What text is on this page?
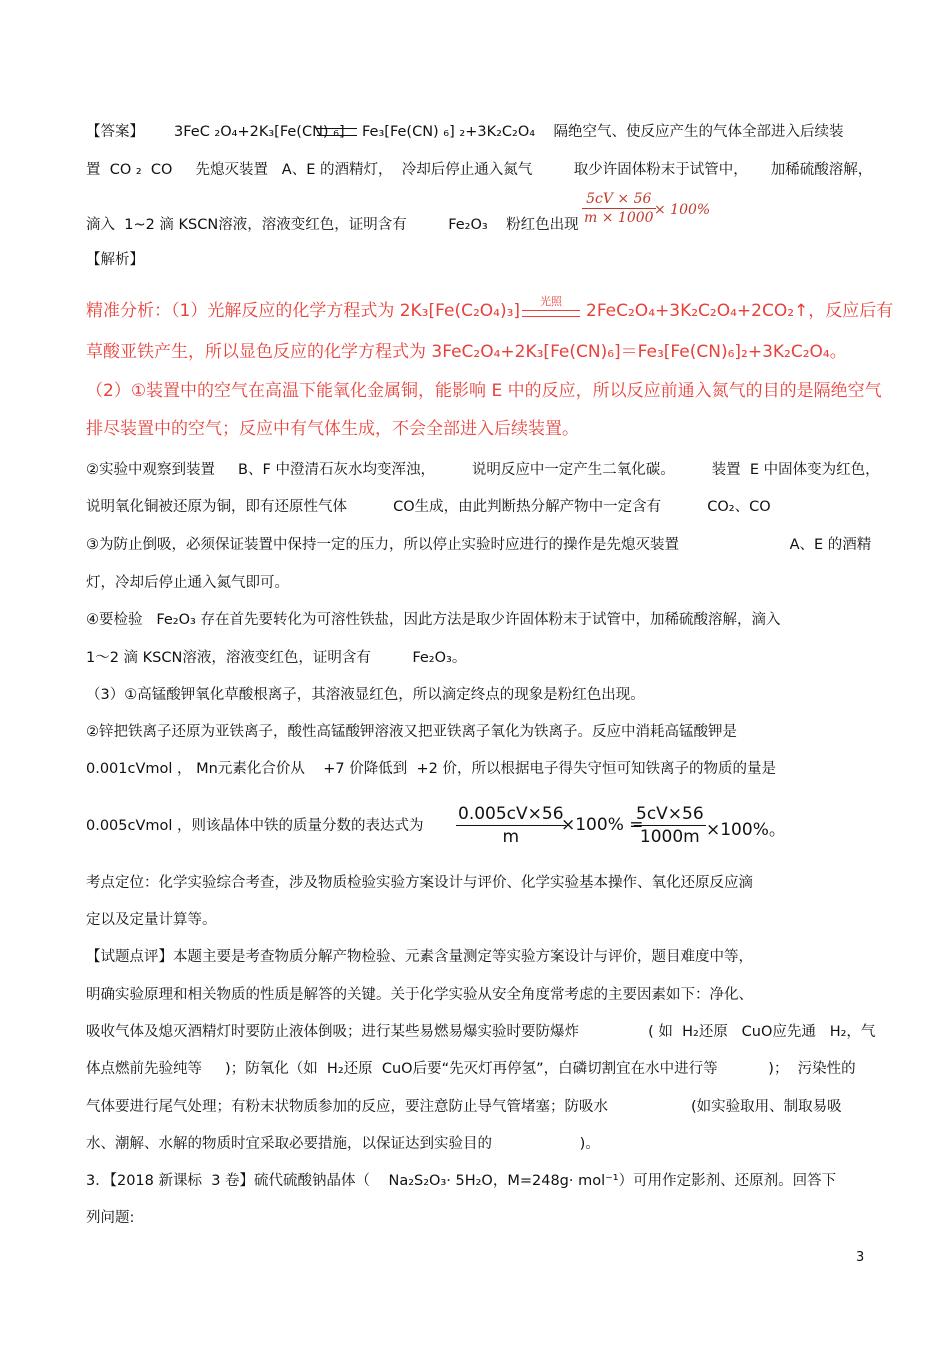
【答案】 3FeC ₂O₄+2K₃[Fe(CN) ₆] Fe₃[Fe(CN) ₆] ₂+3K₂C₂O₄    隔绝空气、使反应产生的气体全部进入后续装
置  CO ₂  CO     先熄灭装置   A、E 的酒精灯，  冷却后停止通入氮气         取少许固体粉末于试管中，     加稀硫酸溶解，
滴入  1~2 滴 KSCN溶液，溶液变红色，证明含有         Fe₂O₃    粉红色出现
5cV × 56
m × 1000 × 100%
【解析】
精准分析：（1）光解反应的化学方程式为 2K₃[Fe(C₂O₄)₃] 光照 2FeC₂O₄+3K₂C₂O₄+2CO₂↑，反应后有
草酸亚铁产生，所以显色反应的化学方程式为 3FeC₂O₄+2K₃[Fe(CN)₆]＝Fe₃[Fe(CN)₆]₂+3K₂C₂O₄。
（2）①装置中的空气在高温下能氧化金属铜，能影响 E 中的反应，所以反应前通入氮气的目的是隔绝空气
排尽装置中的空气；反应中有气体生成，不会全部进入后续装置。
②实验中观察到装置     B、F 中澄清石灰水均变浑浊，        说明反应中一定产生二氧化碳。        装置  E 中固体变为红色，
说明氧化铜被还原为铜，即有还原性气体          CO生成，由此判断热分解产物中一定含有          CO₂、CO
③为防止倒吸，必须保证装置中保持一定的压力，所以停止实验时应进行的操作是先熄灭装置                        A、E 的酒精
灯，冷却后停止通入氮气即可。
④要检验   Fe₂O₃ 存在首先要转化为可溶性铁盐，因此方法是取少许固体粉末于试管中，加稀硫酸溶解，滴入
1～2 滴 KSCN溶液，溶液变红色，证明含有         Fe₂O₃。
（3）①高锰酸钾氧化草酸根离子，其溶液显红色，所以滴定终点的现象是粉红色出现。
②锌把铁离子还原为亚铁离子，酸性高锰酸钾溶液又把亚铁离子氧化为铁离子。反应中消耗高锰酸钾是
0.001cVmol ， Mn元素化合价从    +7 价降低到  +2 价，所以根据电子得失守恒可知铁离子的物质的量是
0.005cVmol ，则该晶体中铁的质量分数的表达式为
0.005cV×56
m
×100% =
5cV×56
1000m ×100%。
考点定位：化学实验综合考查，涉及物质检验实验方案设计与评价、化学实验基本操作、氧化还原反应滴
定以及定量计算等。
【试题点评】本题主要是考查物质分解产物检验、元素含量测定等实验方案设计与评价，题目难度中等，
明确实验原理和相关物质的性质是解答的关键。关于化学实验从安全角度常考虑的主要因素如下：净化、
吸收气体及熄灭酒精灯时要防止液体倒吸；进行某些易燃易爆实验时要防爆炸               ( 如  H₂还原   CuO应先通   H₂，气
体点燃前先验纯等     )；防氧化（如  H₂还原  CuO后要“先灭灯再停氢”，白磷切割宜在水中进行等           )；  污染性的
气体要进行尾气处理；有粉末状物质参加的反应，要注意防止导气管堵塞；防吸水                  (如实验取用、制取易吸
水、潮解、水解的物质时宜采取必要措施，以保证达到实验目的                   )。
3．【2018 新课标  3 卷】硫代硫酸钠晶体（    Na₂S₂O₃· 5H₂O，M=248g· mol⁻¹）可用作定影剂、还原剂。回答下
列问题:
3
